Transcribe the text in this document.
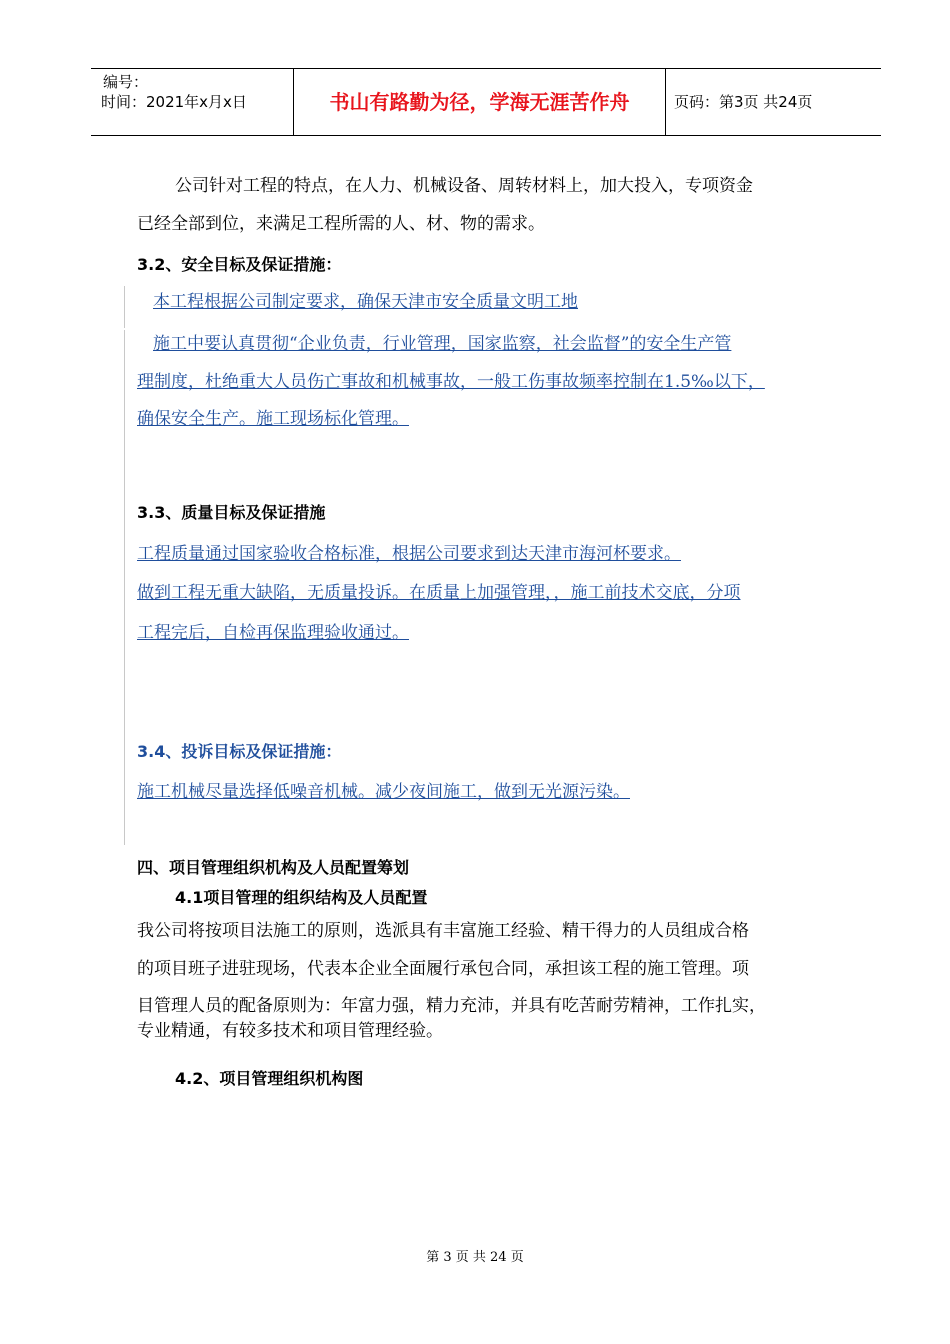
编号：
时间：2021年x月x日	书山有路勤为径，学海无涯苦作舟	页码：第3页 共24页
公司针对工程的特点，在人力、机械设备、周转材料上，加大投入，专项资金
已经全部到位，来满足工程所需的人、材、物的需求。
3.2、安全目标及保证措施：
本工程根据公司制定要求，确保天津市安全质量文明工地
施工中要认真贯彻“企业负责，行业管理，国家监察，社会监督”的安全生产管
理制度，杜绝重大人员伤亡事故和机械事故，一般工伤事故频率控制在1.5‰以下，
确保安全生产。施工现场标化管理。
3.3、质量目标及保证措施
工程质量通过国家验收合格标准，根据公司要求到达天津市海河杯要求。
做到工程无重大缺陷，无质量投诉。在质量上加强管理，，施工前技术交底，分项
工程完后，自检再保监理验收通过。
3.4、投诉目标及保证措施：
施工机械尽量选择低噪音机械。减少夜间施工，做到无光源污染。
四、项目管理组织机构及人员配置筹划
4.1项目管理的组织结构及人员配置
我公司将按项目法施工的原则，选派具有丰富施工经验、精干得力的人员组成合格
的项目班子进驻现场，代表本企业全面履行承包合同，承担该工程的施工管理。项
目管理人员的配备原则为：年富力强，精力充沛，并具有吃苦耐劳精神，工作扎实，
专业精通，有较多技术和项目管理经验。
4.2、项目管理组织机构图
第 3 页 共 24 页
